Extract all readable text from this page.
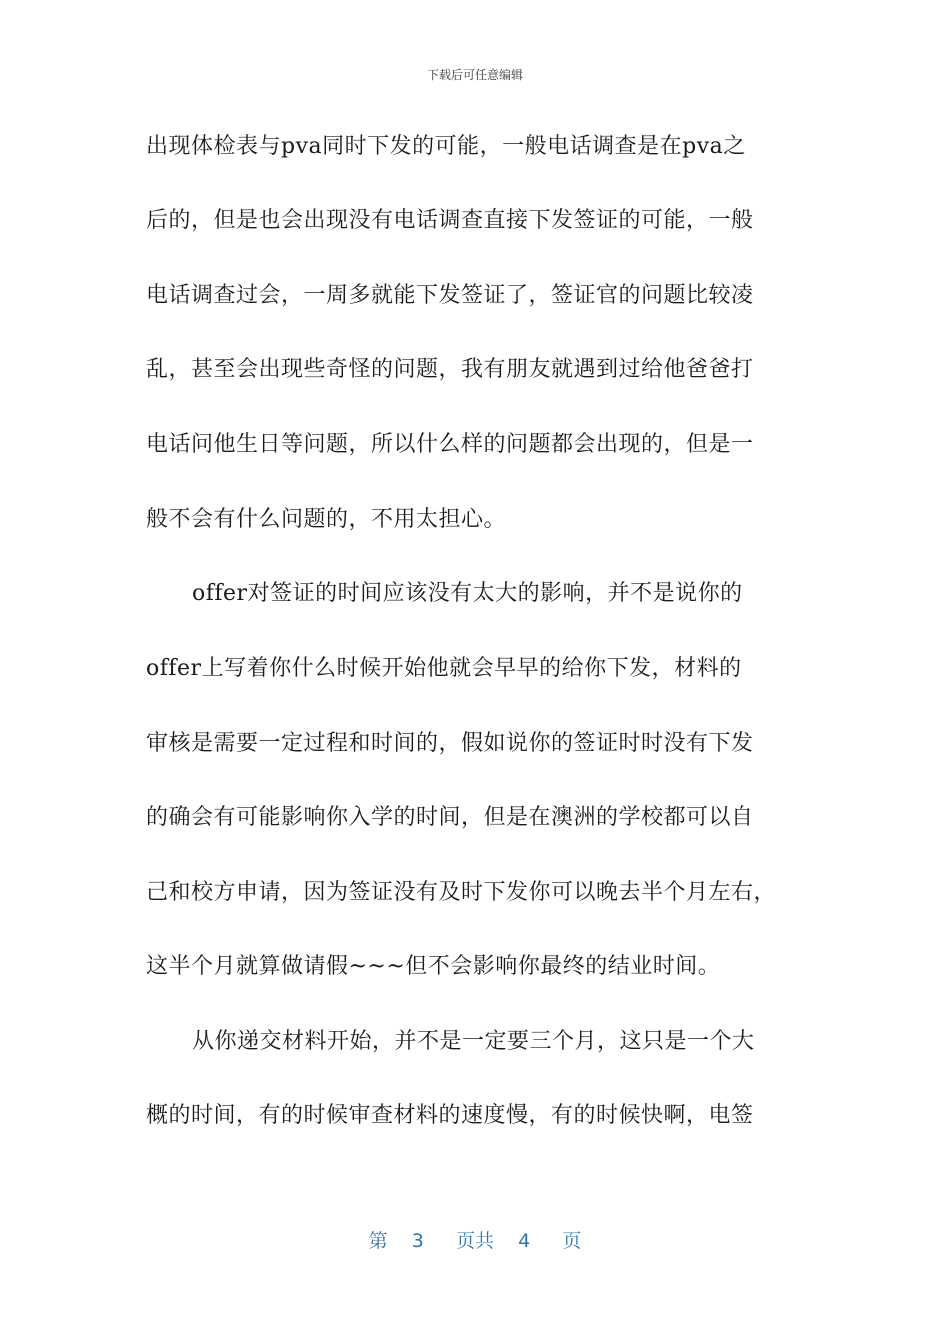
下载后可任意编辑
出现体检表与pva同时下发的可能，一般电话调查是在pva之
后的，但是也会出现没有电话调查直接下发签证的可能，一般
电话调查过会，一周多就能下发签证了，签证官的问题比较凌
乱，甚至会出现些奇怪的问题，我有朋友就遇到过给他爸爸打
电话问他生日等问题，所以什么样的问题都会出现的，但是一
般不会有什么问题的，不用太担心。
offer对签证的时间应该没有太大的影响，并不是说你的
offer上写着你什么时候开始他就会早早的给你下发，材料的
审核是需要一定过程和时间的，假如说你的签证时时没有下发
的确会有可能影响你入学的时间，但是在澳洲的学校都可以自
己和校方申请，因为签证没有及时下发你可以晚去半个月左右，
这半个月就算做请假~~~但不会影响你最终的结业时间。
从你递交材料开始，并不是一定要三个月，这只是一个大
概的时间，有的时候审查材料的速度慢，有的时候快啊，电签
第 3 页共 4 页
